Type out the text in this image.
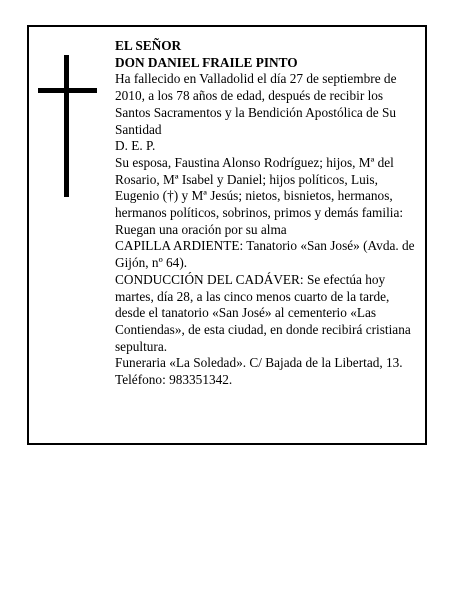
EL SEÑOR

DON DANIEL FRAILE PINTO

Ha fallecido en Valladolid el día 27 de septiembre de

2010, a los 78 años de edad, después de recibir los

Santos Sacramentos y la Bendición Apostólica de Su

Santidad

D. E. P.

Su esposa, Faustina Alonso Rodríguez; hijos, Mª del

Rosario, Mª Isabel y Daniel; hijos políticos, Luis,

Eugenio (†) y Mª Jesús; nietos, bisnietos, hermanos,

hermanos políticos, sobrinos, primos y demás familia:

Ruegan una oración por su alma

CAPILLA ARDIENTE: Tanatorio «San José» (Avda. de

Gijón, nº 64).

CONDUCCIÓN DEL CADÁVER: Se efectúa hoy

martes, día 28, a las cinco menos cuarto de la tarde,

desde el tanatorio «San José» al cementerio «Las

Contiendas», de esta ciudad, en donde recibirá cristiana

sepultura.

Funeraria «La Soledad». C/ Bajada de la Libertad, 13.

Teléfono: 983351342.
